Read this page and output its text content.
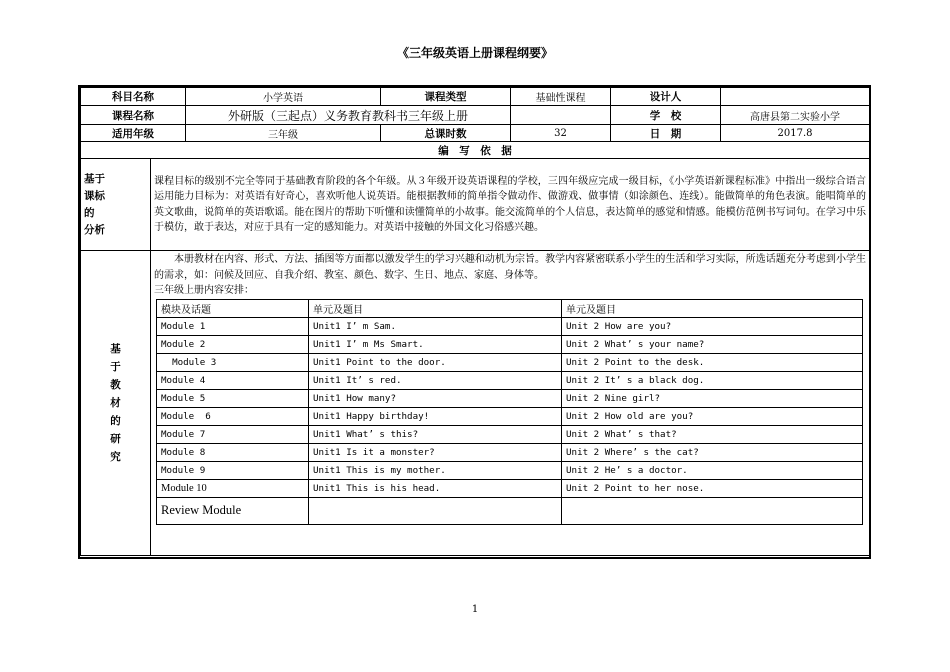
《三年级英语上册课程纲要》
科目名称	小学英语	课程类型	基础性课程	设计人	
课程名称	外研版（三起点）义务教育教科书三年级上册		学　校	高唐县第二实验小学
适用年级	三年级	总课时数	32	日　期	2017.8
编　写　依　据

基于
课标
的
分析
	课程目标的级别不完全等同于基础教育阶段的各个年级。从３年级开设英语课程的学校，三四年级应完成一级目标，《小学英语新课程标准》中指出一级综合语言运用能力目标为：对英语有好奇心，喜欢听他人说英语。能根据教师的简单指令做动作、做游戏、做事情（如涂颜色、连线）。能做简单的角色表演。能唱简单的英文歌曲，说简单的英语歌谣。能在图片的帮助下听懂和读懂简单的小故事。能交流简单的个人信息，表达简单的感觉和情感。能模仿范例书写词句。在学习中乐于模仿，敢于表达，对应于具有一定的感知能力。对英语中接触的外国文化习俗感兴趣。

基
于
教
材
的
研
究

本册教材在内容、形式、方法、插图等方面都以激发学生的学习兴趣和动机为宗旨。教学内容紧密联系小学生的生活和学习实际，所选话题充分考虑到小学生的需求，如：问候及回应、自我介绍、教室、颜色、数字、生日、地点、家庭、身体等。
三年级上册内容安排：
模块及话题	单元及题目	单元及题目
Module 1	Unit1 I’ m Sam.	Unit 2 How are you?
Module 2	Unit1 I’ m Ms Smart.	Unit 2 What’ s your name?
Module 3	Unit1 Point to the door.	Unit 2 Point to the desk.
Module 4	Unit1 It’ s red.	Unit 2 It’ s a black dog.
Module 5	Unit1 How many?	Unit 2 Nine girl?
Module  6	Unit1 Happy birthday!	Unit 2 How old are you?
Module 7	Unit1 What’ s this?	Unit 2 What’ s that?
Module 8	Unit1 Is it a monster?	Unit 2 Where’ s the cat?
Module 9	Unit1 This is my mother.	Unit 2 He’ s a doctor.
Module 10	Unit1 This is his head.	Unit 2 Point to her nose.
Review Module		
1
